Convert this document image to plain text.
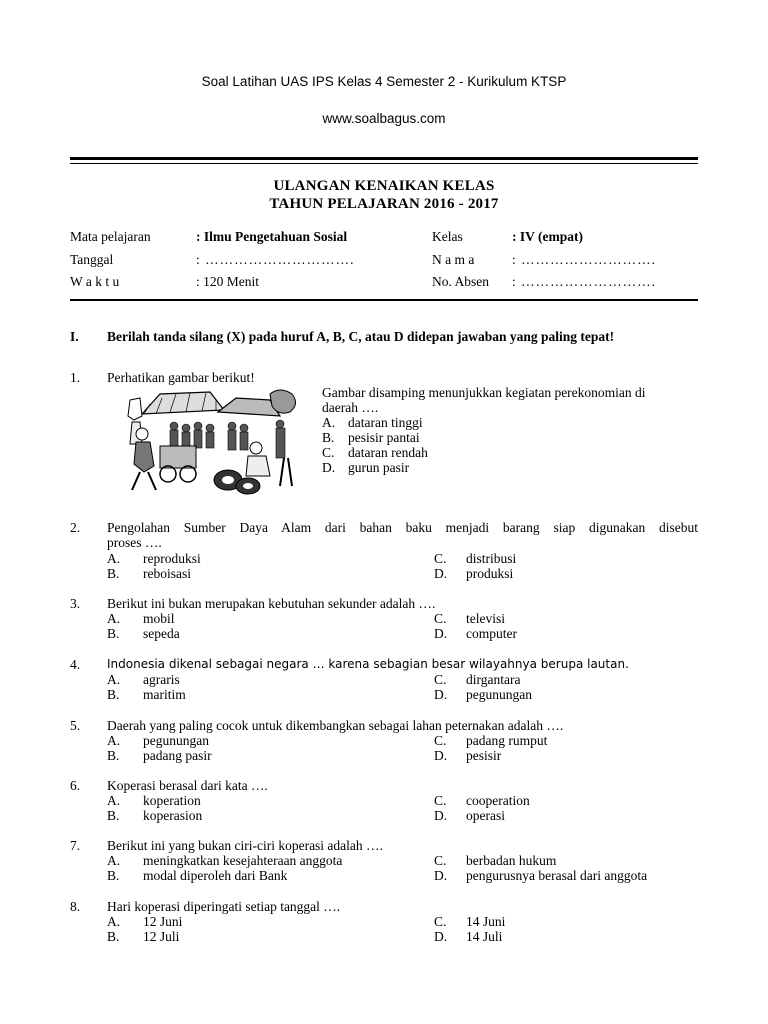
Soal Latihan UAS IPS Kelas 4 Semester 2 - Kurikulum KTSP
www.soalbagus.com
ULANGAN KENAIKAN KELAS
TAHUN PELAJARAN 2016 - 2017
Mata pelajaran	: Ilmu Pengetahuan Sosial	Kelas	: IV (empat)
Tanggal	: ………………………….	N a m a	: ……………………….
W a k t u	: 120 Menit	No. Absen : ……………………….
I. Berilah tanda silang (X) pada huruf A, B, C, atau D didepan jawaban yang paling tepat!
1. Perhatikan gambar berikut!
Gambar disamping menunjukkan kegiatan perekonomian di
daerah ….
A. dataran tinggi
B. pesisir pantai
C. dataran rendah
D. gurun pasir
2. Pengolahan Sumber Daya Alam dari bahan baku menjadi barang siap digunakan disebut
proses ….
A. reproduksi
B. reboisasi
C. distribusi
D. produksi
3. Berikut ini bukan merupakan kebutuhan sekunder adalah ….
A. mobil
B. sepeda
C. televisi
D. computer
4. Indonesia dikenal sebagai negara … karena sebagian besar wilayahnya berupa lautan.
A. agraris
B. maritim
C. dirgantara
D. pegunungan
5. Daerah yang paling cocok untuk dikembangkan sebagai lahan peternakan adalah ….
A. pegunungan
B. padang pasir
C. padang rumput
D. pesisir
6. Koperasi berasal dari kata ….
A. koperation
B. koperasion
C. cooperation
D. operasi
7. Berikut ini yang bukan ciri-ciri koperasi adalah ….
A. meningkatkan kesejahteraan anggota
B. modal diperoleh dari Bank
C. berbadan hukum
D. pengurusnya berasal dari anggota
8. Hari koperasi diperingati setiap tanggal ….
A. 12 Juni
B. 12 Juli
C. 14 Juni
D. 14 Juli
